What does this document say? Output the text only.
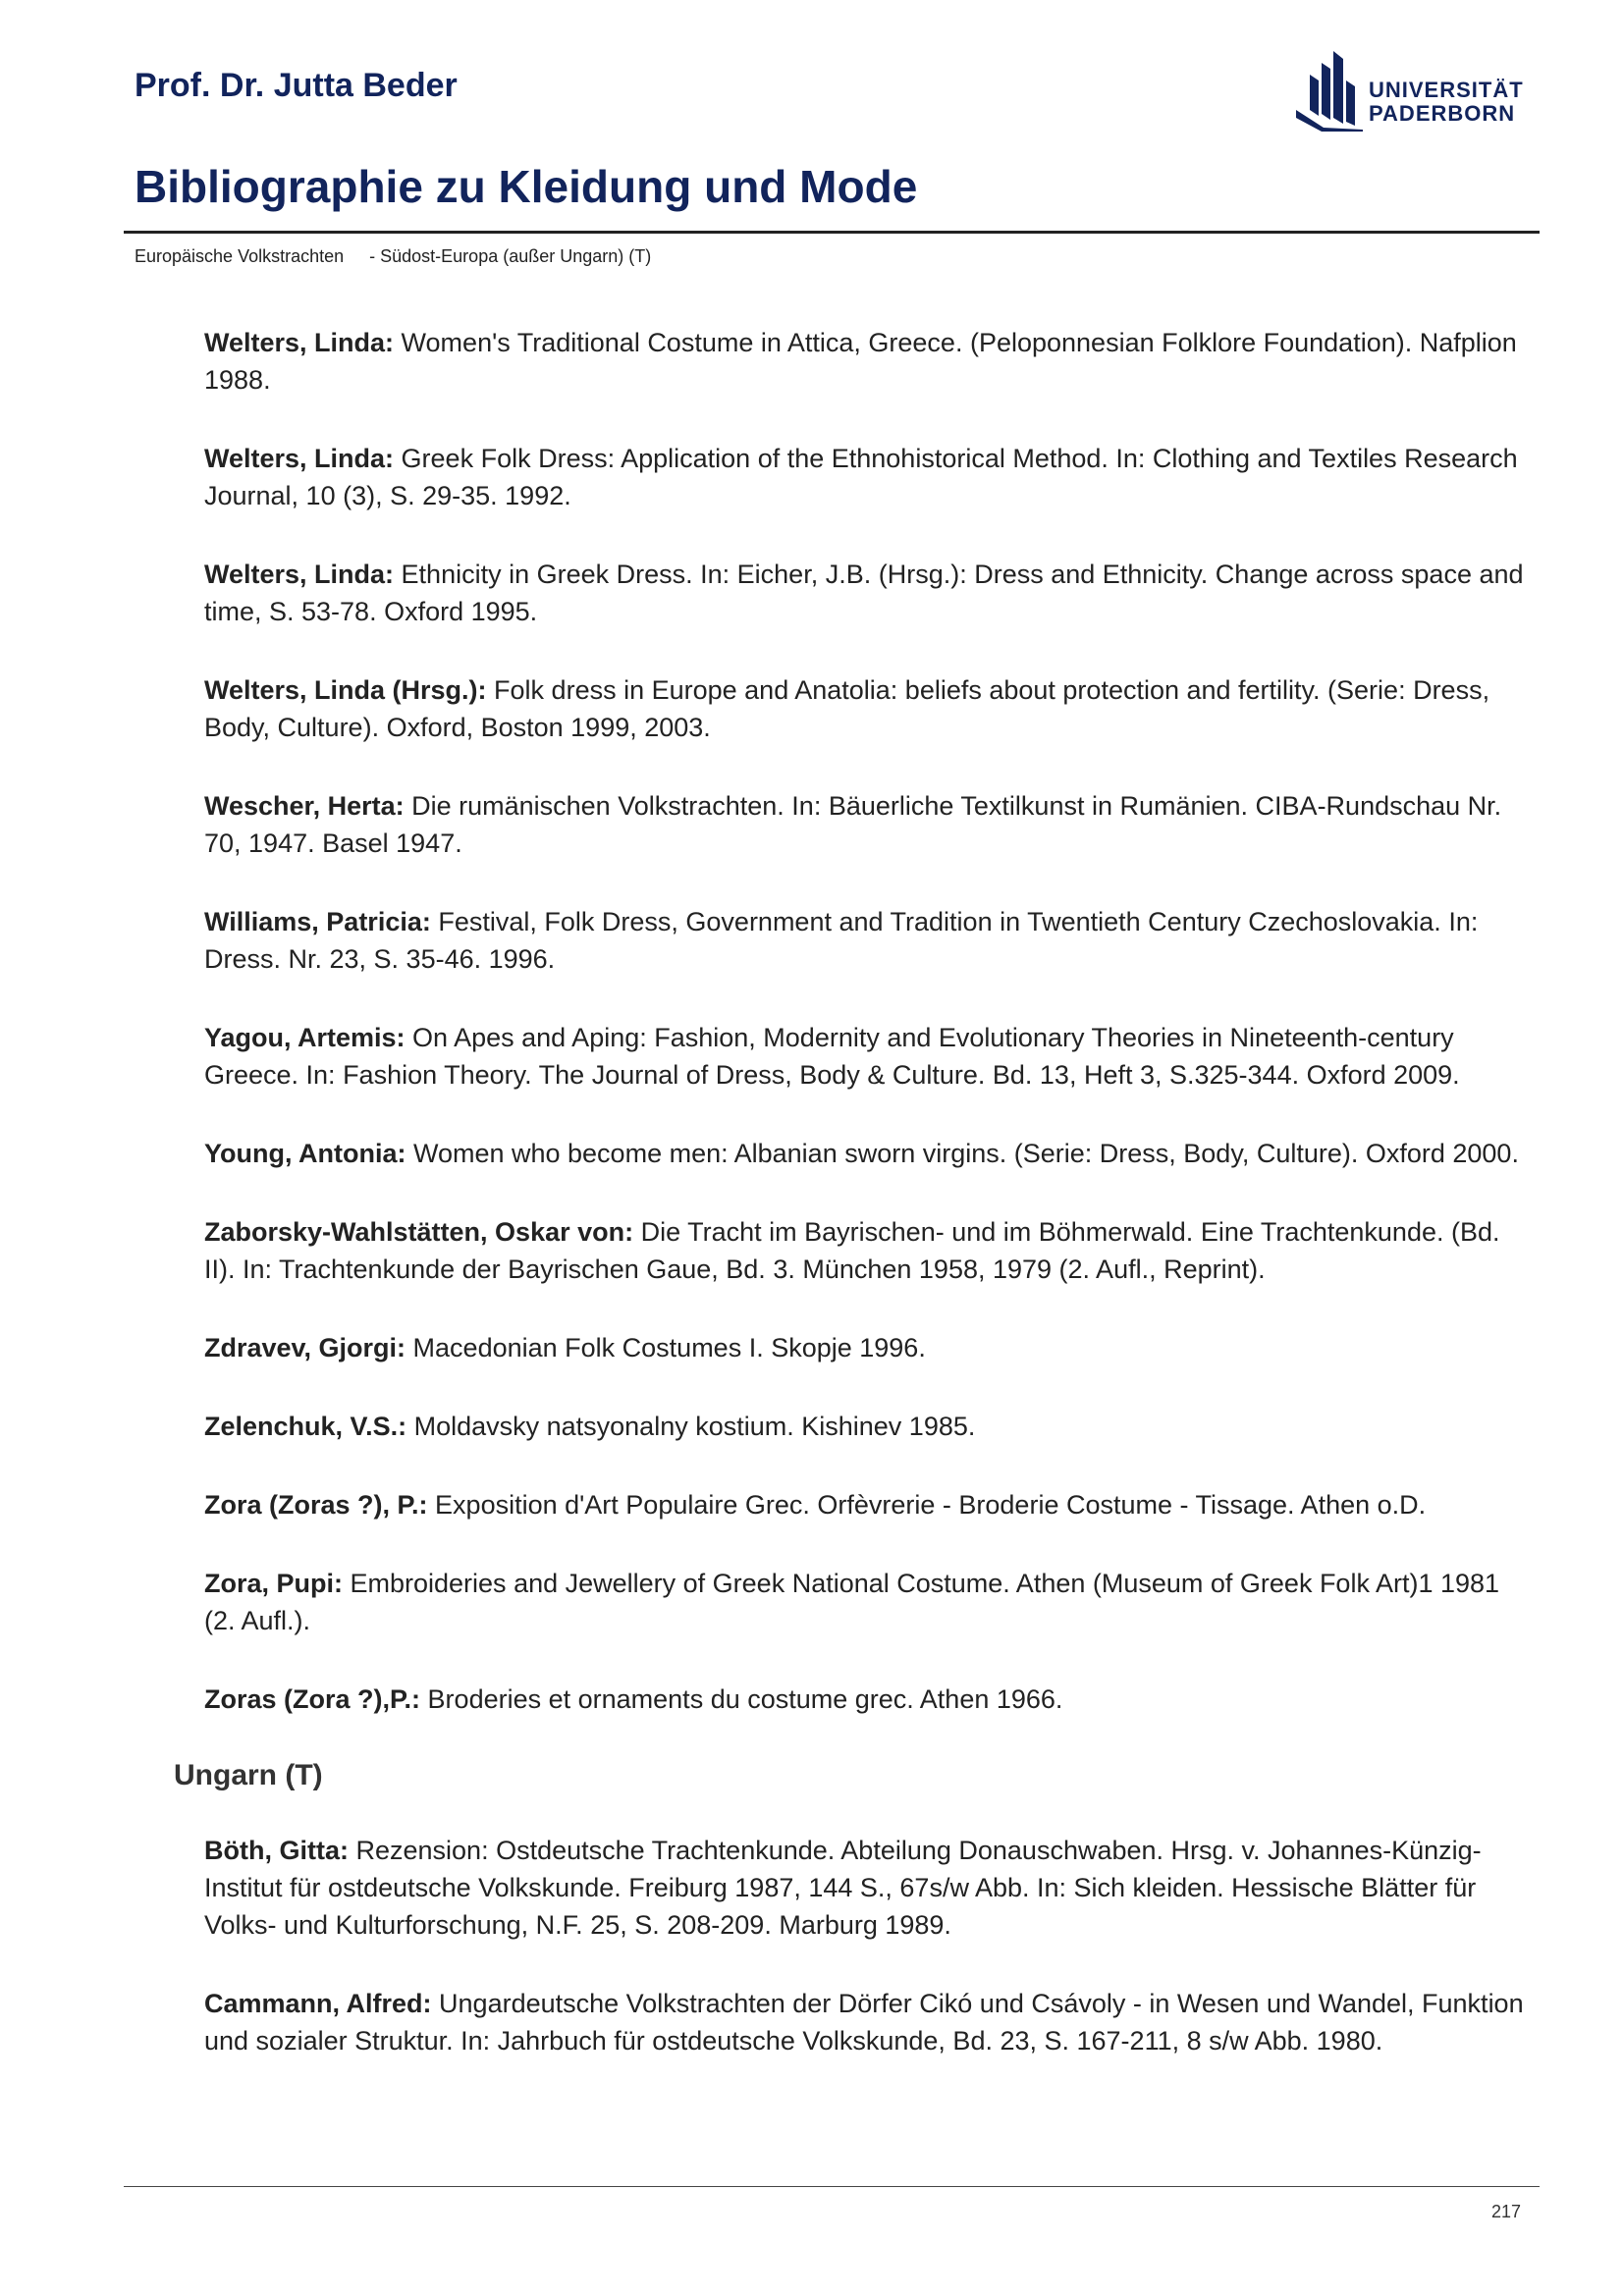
Prof. Dr. Jutta Beder	UNIVERSITÄT
PADERBORN
Bibliographie zu Kleidung und Mode
Europäische Volkstrachten - Südost-Europa (außer Ungarn) (T)
Welters, Linda: Women's Traditional Costume in Attica, Greece. (Peloponnesian Folklore Foundation). Nafplion 1988.
Welters, Linda: Greek Folk Dress: Application of the Ethnohistorical Method. In: Clothing and Textiles Research Journal, 10 (3), S. 29-35. 1992.
Welters, Linda: Ethnicity in Greek Dress. In: Eicher, J.B. (Hrsg.): Dress and Ethnicity. Change across space and time, S. 53-78. Oxford 1995.
Welters, Linda (Hrsg.): Folk dress in Europe and Anatolia: beliefs about protection and fertility. (Serie: Dress, Body, Culture). Oxford, Boston 1999, 2003.
Wescher, Herta: Die rumänischen Volkstrachten. In: Bäuerliche Textilkunst in Rumänien. CIBA-Rundschau Nr. 70, 1947. Basel 1947.
Williams, Patricia: Festival, Folk Dress, Government and Tradition in Twentieth Century Czechoslovakia. In: Dress. Nr. 23, S. 35-46. 1996.
Yagou, Artemis: On Apes and Aping: Fashion, Modernity and Evolutionary Theories in Nineteenth-century Greece. In: Fashion Theory. The Journal of Dress, Body & Culture. Bd. 13, Heft 3, S.325-344. Oxford 2009.
Young, Antonia: Women who become men: Albanian sworn virgins. (Serie: Dress, Body, Culture). Oxford 2000.
Zaborsky-Wahlstätten, Oskar von: Die Tracht im Bayrischen- und im Böhmerwald. Eine Trachtenkunde. (Bd. II). In: Trachtenkunde der Bayrischen Gaue, Bd. 3. München 1958, 1979 (2. Aufl., Reprint).
Zdravev, Gjorgi: Macedonian Folk Costumes I. Skopje 1996.
Zelenchuk, V.S.: Moldavsky natsyonalny kostium. Kishinev 1985.
Zora (Zoras ?), P.: Exposition d'Art Populaire Grec. Orfèvrerie - Broderie Costume - Tissage. Athen o.D.
Zora, Pupi: Embroideries and Jewellery of Greek National Costume. Athen (Museum of Greek Folk Art)1 1981 (2. Aufl.).
Zoras (Zora ?),P.: Broderies et ornaments du costume grec. Athen 1966.
Ungarn (T)
Böth, Gitta: Rezension: Ostdeutsche Trachtenkunde. Abteilung Donauschwaben. Hrsg. v. Johannes-Künzig-Institut für ostdeutsche Volkskunde. Freiburg 1987, 144 S., 67s/w Abb. In: Sich kleiden. Hessische Blätter für Volks- und Kulturforschung, N.F. 25, S. 208-209. Marburg 1989.
Cammann, Alfred: Ungardeutsche Volkstrachten der Dörfer Cikó und Csávoly - in Wesen und Wandel, Funktion und sozialer Struktur. In: Jahrbuch für ostdeutsche Volkskunde, Bd. 23, S. 167-211, 8 s/w Abb. 1980.
217
